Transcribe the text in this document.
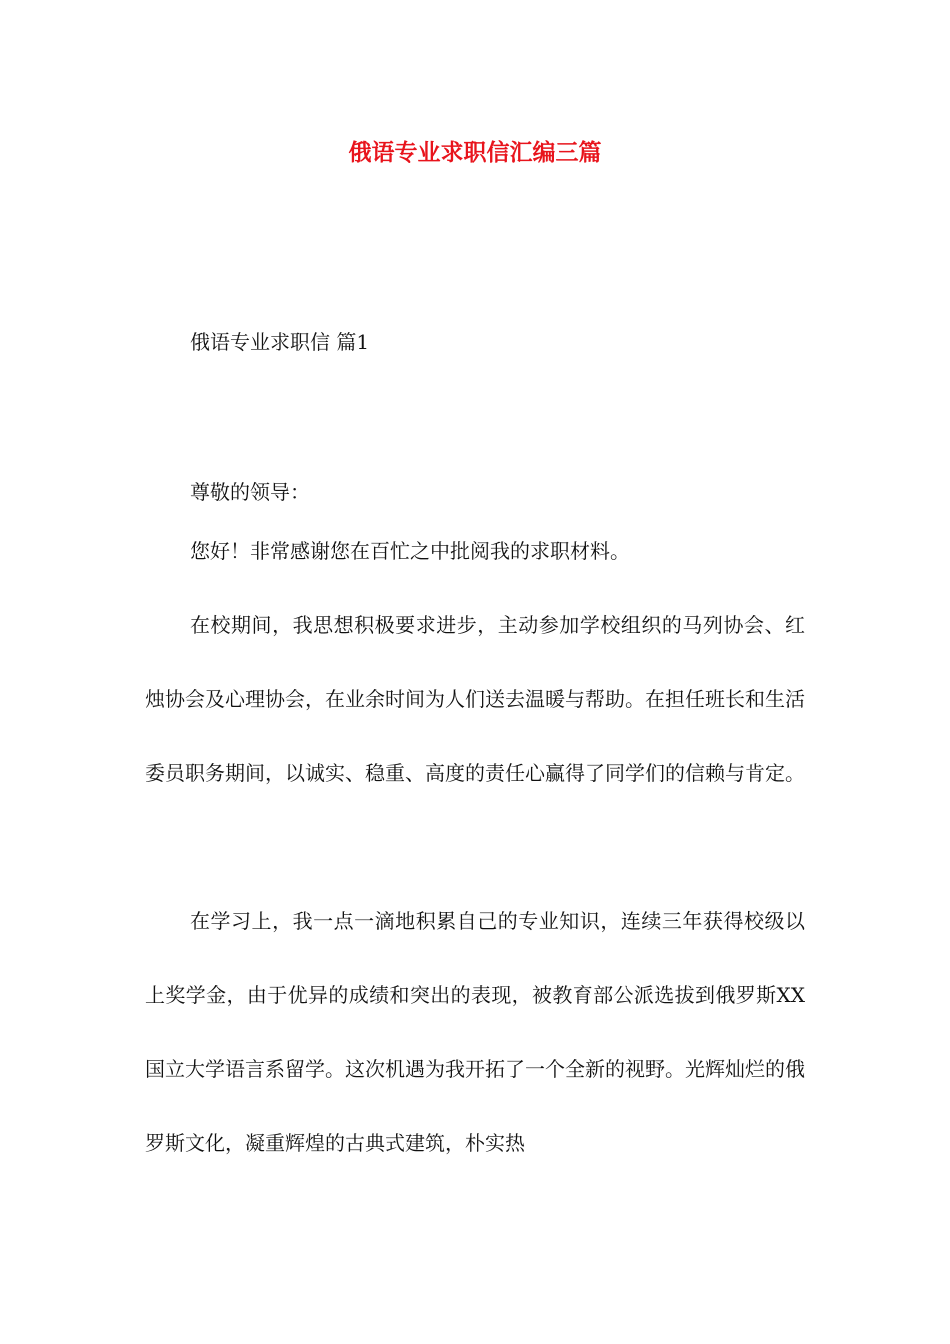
俄语专业求职信汇编三篇
俄语专业求职信 篇1
尊敬的领导：
您好！非常感谢您在百忙之中批阅我的求职材料。
在校期间，我思想积极要求进步，主动参加学校组织的马列协会、红烛协会及心理协会，在业余时间为人们送去温暖与帮助。在担任班长和生活委员职务期间，以诚实、稳重、高度的责任心赢得了同学们的信赖与肯定。
在学习上，我一点一滴地积累自己的专业知识，连续三年获得校级以上奖学金，由于优异的成绩和突出的表现，被教育部公派选拔到俄罗斯XX国立大学语言系留学。这次机遇为我开拓了一个全新的视野。光辉灿烂的俄罗斯文化，凝重辉煌的古典式建筑，朴实热
